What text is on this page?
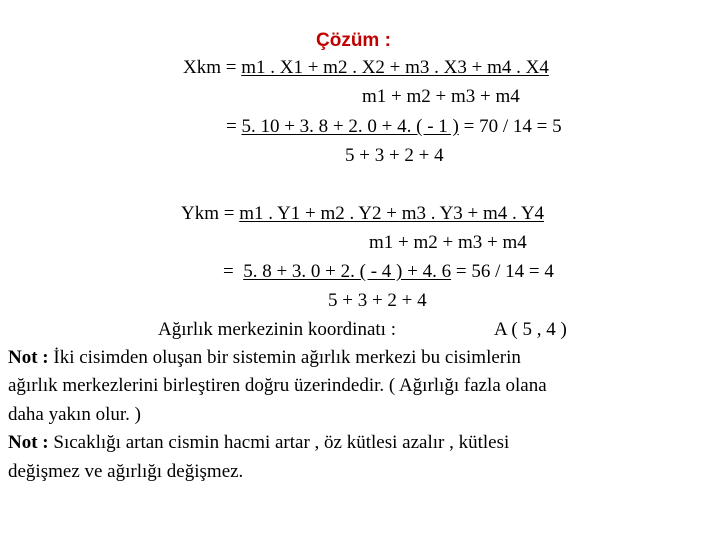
Çözüm :
Xkm = m1 . X1 + m2 . X2 + m3 . X3 + m4 . X4
m1 + m2 + m3 + m4
= 5. 10 + 3. 8 + 2. 0 + 4. ( - 1 ) = 70 / 14 = 5
5 + 3 + 2 + 4
Ykm = m1 . Y1 + m2 . Y2 + m3 . Y3 + m4 . Y4
m1 + m2 + m3 + m4
=  5. 8 + 3. 0 + 2. ( - 4 ) + 4. 6 = 56 / 14 = 4
5 + 3 + 2 + 4
Ağırlık merkezinin koordinatı :	A ( 5 , 4 )
Not : İki cisimden oluşan bir sistemin ağırlık merkezi bu cisimlerin
ağırlık merkezlerini birleştiren doğru üzerindedir. ( Ağırlığı fazla olana
daha yakın olur. )
Not : Sıcaklığı artan cismin hacmi artar , öz kütlesi azalır , kütlesi
değişmez ve ağırlığı değişmez.
